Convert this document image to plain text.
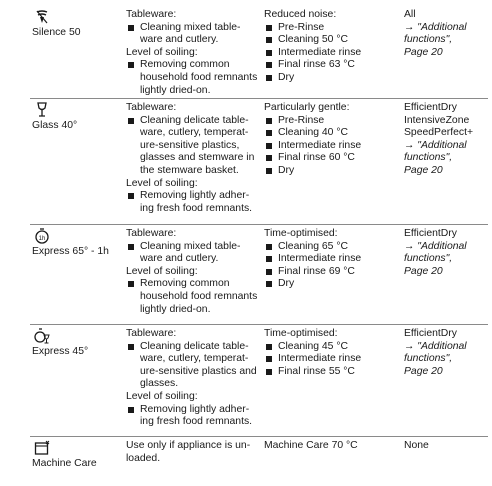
Silence 50
Tableware:
Cleaning mixed table-
ware and cutlery.
Level of soiling:
Removing common
household food remnants
lightly dried-on.
Reduced noise:
Pre-Rinse
Cleaning 50 °C
Intermediate rinse
Final rinse 63 °C
Dry
All
→ "Additional
functions",
Page 20
Glass 40°
Tableware:
Cleaning delicate table-
ware, cutlery, temperat-
ure-sensitive plastics,
glasses and stemware in
the stemware basket.
Level of soiling:
Removing lightly adher-
ing fresh food remnants.
Particularly gentle:
Pre-Rinse
Cleaning 40 °C
Intermediate rinse
Final rinse 60 °C
Dry
EfficientDry
IntensiveZone
SpeedPerfect+
→ "Additional
functions",
Page 20
1h
Express 65° - 1h
Tableware:
Cleaning mixed table-
ware and cutlery.
Level of soiling:
Removing common
household food remnants
lightly dried-on.
Time-optimised:
Cleaning 65 °C
Intermediate rinse
Final rinse 69 °C
Dry
EfficientDry
→ "Additional
functions",
Page 20
Express 45°
Tableware:
Cleaning delicate table-
ware, cutlery, temperat-
ure-sensitive plastics and
glasses.
Level of soiling:
Removing lightly adher-
ing fresh food remnants.
Time-optimised:
Cleaning 45 °C
Intermediate rinse
Final rinse 55 °C
EfficientDry
→ "Additional
functions",
Page 20
Machine Care
Use only if appliance is un-
loaded.
Machine Care 70 °C	None
